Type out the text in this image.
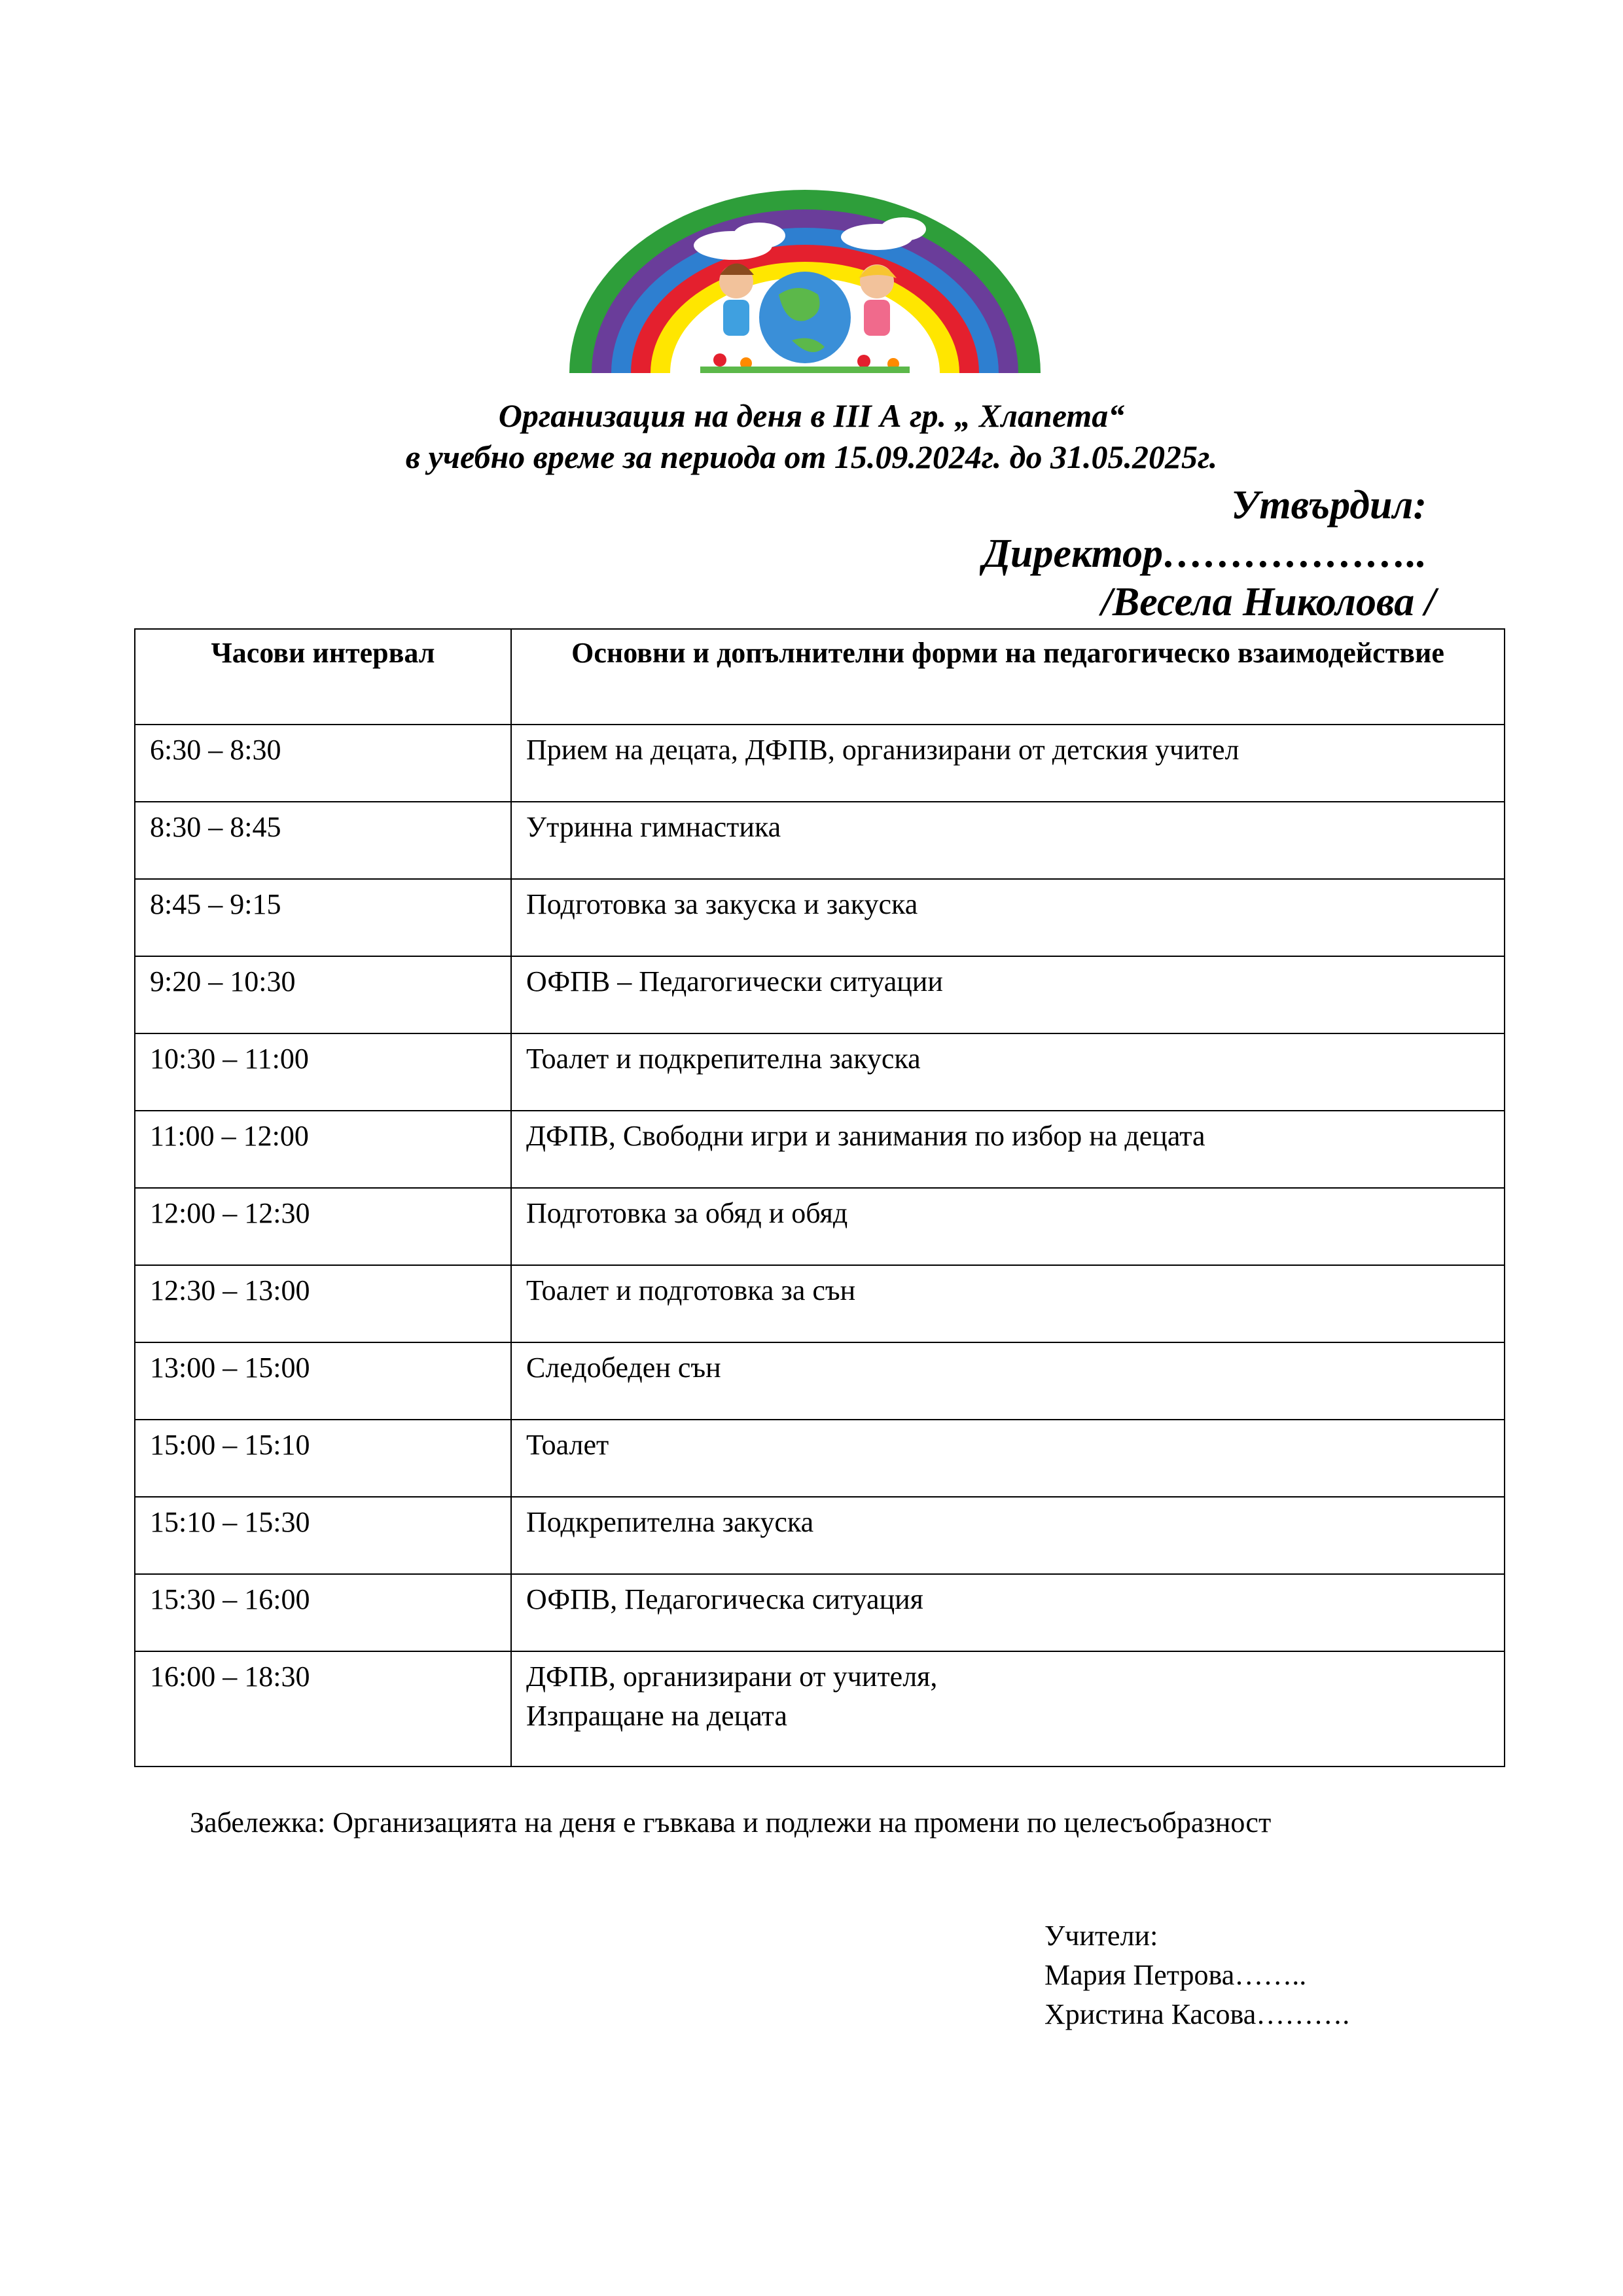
Организация на деня в III А гр. „ Хлапета“
в учебно време за периода от 15.09.2024г. до 31.05.2025г.
Утвърдил:
Директор………………..
/Весела Николова /
Часови интервал	Основни и допълнителни форми на педагогическо взаимодействие
6:30 – 8:30	Прием на децата, ДФПВ, организирани от детския учител
8:30 – 8:45	Утринна гимнастика
8:45 – 9:15	Подготовка за закуска и закуска
9:20 – 10:30	ОФПВ – Педагогически ситуации
10:30 – 11:00	Тоалет и подкрепителна закуска
11:00 – 12:00	ДФПВ, Свободни игри и занимания по избор на децата
12:00 – 12:30	Подготовка за обяд и обяд
12:30 – 13:00	Тоалет и подготовка за сън
13:00 – 15:00	Следобеден сън
15:00 – 15:10	Тоалет
15:10 – 15:30	Подкрепителна закуска
15:30 – 16:00	ОФПВ, Педагогическа ситуация
16:00 – 18:30	ДФПВ, организирани от учителя,
Изпращане на децата
Забележка: Организацията на деня е гъвкава и подлежи на промени по целесъобразност
Учители:
Мария Петрова……..
Христина Касова……….
